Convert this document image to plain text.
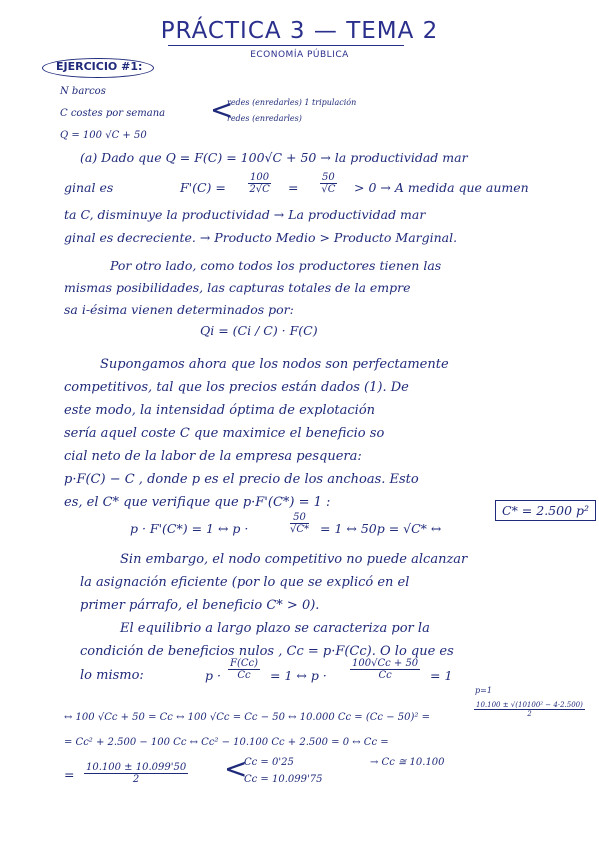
PRÁCTICA 3 — TEMA 2
ECONOMÍA PÚBLICA
EJERCICIO #1:
N barcos
C costes por semana <
redes (enredarles) 1 tripulación
redes (enredarles)
Q = 100 √C + 50
(a) Dado que Q = F(C) = 100√C + 50 → la productividad mar
ginal es	$F'(C) = \frac{100}{2√C} = \frac{50}{√C} > 0 \to A$ medida que aumen
ta C, disminuye la productividad → La productividad mar
ginal es decreciente. → Producto Medio > Producto Marginal.
Por otro lado, como todos los productores tienen las
mismas posibilidades, las capturas totales de la empre
sa i-ésima vienen determinados por:
Qi = (Ci / C) · F(C)
Supongamos ahora que los nodos son perfectamente
competitivos, tal que los precios están dados (1). De
este modo, la intensidad óptima de explotación
sería aquel coste C que maximice el beneficio so
cial neto de la labor de la empresa pesquera:
p·F(C) − C , donde p es el precio de los anchoas. Esto
es, el C* que verifique que p·F'(C*) = 1 :
p · F'(C*) = 1 ↔ p ·	$\frac{50}{√C*} = 1$ ↔ 50p = √C* ↔
C* = 2.500 p²
Sin embargo, el nodo competitivo no puede alcanzar
la asignación eficiente (por lo que se explicó en el
primer párrafo, el beneficio C* > 0).
El equilibrio a largo plazo se caracteriza por la
condición de beneficios nulos , Cc = p·F(Cc). O lo que es
lo mismo:	$p \cdot \frac{F(Cc)}{Cc} = 1$ ↔ $p \cdot \frac{100√Cc + 50}{Cc} = 1$
p=1
↔ 100 √Cc + 50 = Cc ↔ 100 √Cc = Cc − 50 ↔ 10.000 Cc = (Cc − 50)² =	$\frac{\text{10.100 ± √(10100² − 4·2.500)}}{2}$
= Cc² + 2.500 − 100 Cc ↔ Cc² − 10.100 Cc + 2.500 = 0 ↔ Cc =
= $\frac{10.100 \pm 10.099'50}{2}$ <
Cc = 0'25
Cc = 10.099'75
→ Cc ≅ 10.100
